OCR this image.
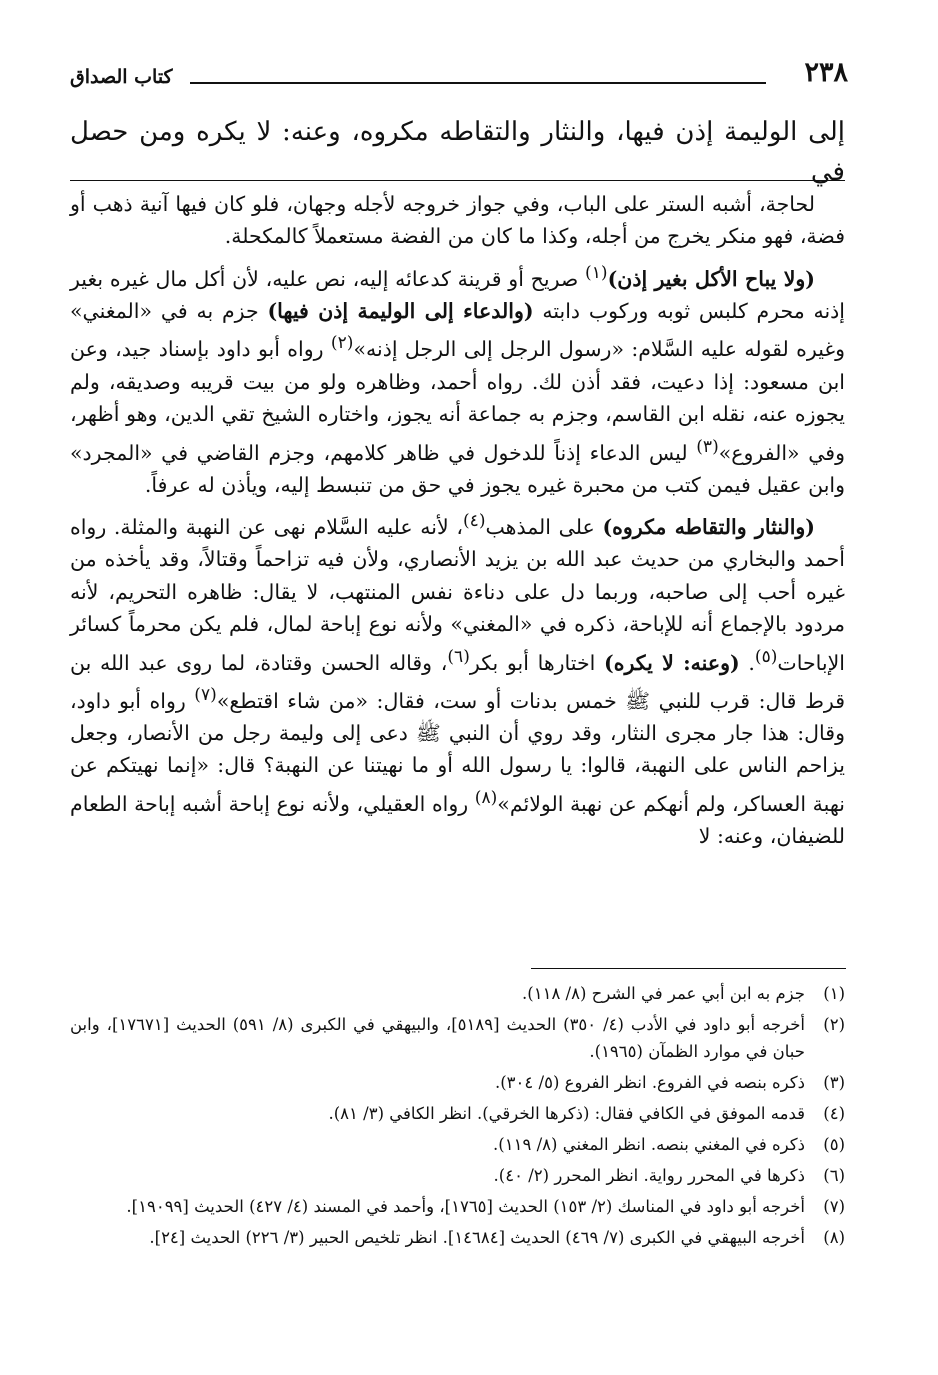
٢٣٨
كتاب الصداق
إلى الوليمة إذن فيها، والنثار والتقاطه مكروه، وعنه: لا يكره ومن حصل في

لحاجة، أشبه الستر على الباب، وفي جواز خروجه لأجله وجهان، فلو كان فيها آنية ذهب أو فضة، فهو منكر يخرج من أجله، وكذا ما كان من الفضة مستعملاً كالمكحلة.

(ولا يباح الأكل بغير إذن)$^{(١)}$ صريح أو قرينة كدعائه إليه، نص عليه، لأن أكل مال غيره بغير إذنه محرم كلبس ثوبه وركوب دابته (والدعاء إلى الوليمة إذن فيها) جزم به في «المغني» وغيره لقوله عليه السَّلام: «رسول الرجل إلى الرجل إذنه»$^{(٢)}$ رواه أبو داود بإسناد جيد، وعن ابن مسعود: إذا دعيت، فقد أذن لك. رواه أحمد، وظاهره ولو من بيت قريبه وصديقه، ولم يجوزه عنه، نقله ابن القاسم، وجزم به جماعة أنه يجوز، واختاره الشيخ تقي الدين، وهو أظهر، وفي «الفروع»$^{(٣)}$ ليس الدعاء إذناً للدخول في ظاهر كلامهم، وجزم القاضي في «المجرد» وابن عقيل فيمن كتب من محبرة غيره يجوز في حق من تنبسط إليه، ويأذن له عرفاً.

(والنثار والتقاطه مكروه) على المذهب$^{(٤)}$، لأنه عليه السَّلام نهى عن النهبة والمثلة. رواه أحمد والبخاري من حديث عبد الله بن يزيد الأنصاري، ولأن فيه تزاحماً وقتالاً، وقد يأخذه من غيره أحب إلى صاحبه، وربما دل على دناءة نفس المنتهب، لا يقال: ظاهره التحريم، لأنه مردود بالإجماع أنه للإباحة، ذكره في «المغني» ولأنه نوع إباحة لمال، فلم يكن محرماً كسائر الإباحات$^{(٥)}$. (وعنه: لا يكره) اختارها أبو بكر$^{(٦)}$، وقاله الحسن وقتادة، لما روى عبد الله بن قرط قال: قرب للنبي ﷺ خمس بدنات أو ست، فقال: «من شاء اقتطع»$^{(٧)}$ رواه أبو داود، وقال: هذا جار مجرى النثار، وقد روي أن النبي ﷺ دعى إلى وليمة رجل من الأنصار، وجعل يزاحم الناس على النهبة، قالوا: يا رسول الله أو ما نهيتنا عن النهبة؟ قال: «إنما نهيتكم عن نهبة العساكر، ولم أنهكم عن نهبة الولائم»$^{(٨)}$ رواه العقيلي، ولأنه نوع إباحة أشبه إباحة الطعام للضيفان، وعنه: لا

(١)
جزم به ابن أبي عمر في الشرح (٨/ ١١٨).
(٢)
أخرجه أبو داود في الأدب (٤/ ٣٥٠) الحديث [٥١٨٩]، والبيهقي في الكبرى (٨/ ٥٩١) الحديث [١٧٦٧١]، وابن حبان في موارد الظمآن (١٩٦٥).
(٣)
ذكره بنصه في الفروع. انظر الفروع (٥/ ٣٠٤).
(٤)
قدمه الموفق في الكافي فقال: (ذكرها الخرقي). انظر الكافي (٣/ ٨١).
(٥)
ذكره في المغني بنصه. انظر المغني (٨/ ١١٩).
(٦)
ذكرها في المحرر رواية. انظر المحرر (٢/ ٤٠).
(٧)
أخرجه أبو داود في المناسك (٢/ ١٥٣) الحديث [١٧٦٥]، وأحمد في المسند (٤/ ٤٢٧) الحديث [١٩٠٩٩].
(٨)
أخرجه البيهقي في الكبرى (٧/ ٤٦٩) الحديث [١٤٦٨٤]. انظر تلخيص الحبير (٣/ ٢٢٦) الحديث [٢٤].
